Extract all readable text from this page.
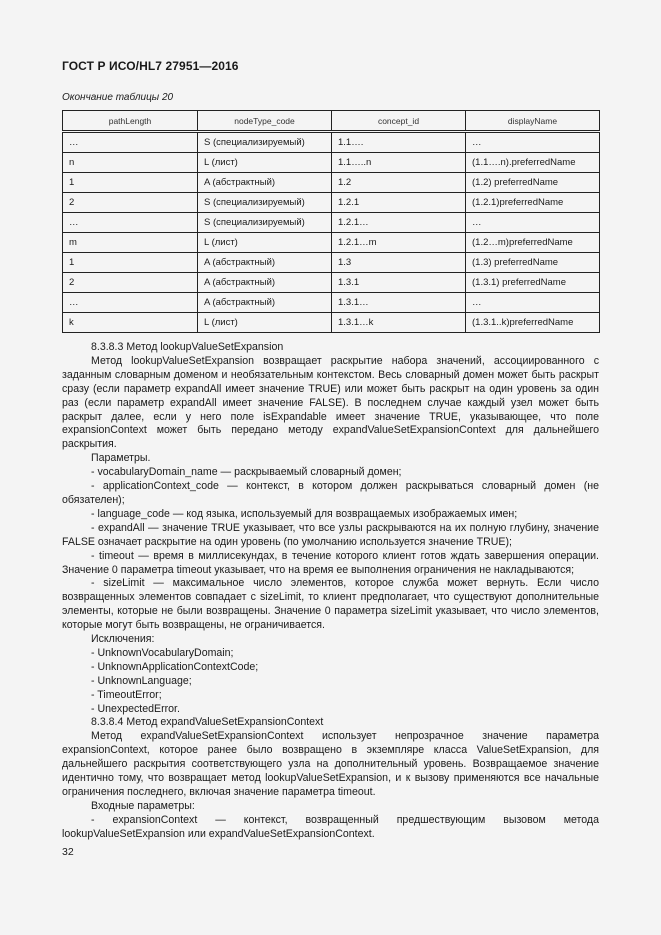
ГОСТ Р ИСО/HL7 27951—2016
Окончание таблицы 20
pathLength	nodeType_code	concept_id	displayName
…	S (специализируемый)	1.1….	…
n	L (лист)	1.1…..n	(1.1….n).preferredName
1	A (абстрактный)	1.2	(1.2) preferredName
2	S (специализируемый)	1.2.1	(1.2.1)preferredName
…	S (специализируемый)	1.2.1…	…
m	L (лист)	1.2.1…m	(1.2…m)preferredName
1	A (абстрактный)	1.3	(1.3) preferredName
2	A (абстрактный)	1.3.1	(1.3.1) preferredName
…	A (абстрактный)	1.3.1…	…
k	L (лист)	1.3.1…k	(1.3.1..k)preferredName

8.3.8.3 Метод lookupValueSetExpansion

Метод lookupValueSetExpansion возвращает раскрытие набора значений, ассоциированного с заданным словарным доменом и необязательным контекстом. Весь словарный домен может быть раскрыт сразу (если параметр expandAll имеет значение TRUE) или может быть раскрыт на один уровень за один раз (если параметр expandAll имеет значение FALSE). В последнем случае каждый узел может быть раскрыт далее, если у него поле isExpandable имеет значение TRUE, указывающее, что поле expansionContext может быть передано методу expandValueSetExpansionContext для дальнейшего раскрытия.

Параметры.

- vocabularyDomain_name — раскрываемый словарный домен;

- applicationContext_code — контекст, в котором должен раскрываться словарный домен (не обязателен);

- language_code — код языка, используемый для возвращаемых изображаемых имен;

- expandAll — значение TRUE указывает, что все узлы раскрываются на их полную глубину, значение FALSE означает раскрытие на один уровень (по умолчанию используется значение TRUE);

- timeout — время в миллисекундах, в течение которого клиент готов ждать завершения операции. Значение 0 параметра timeout указывает, что на время ее выполнения ограничения не накладываются;

- sizeLimit — максимальное число элементов, которое служба может вернуть. Если число возвращенных элементов совпадает с sizeLimit, то клиент предполагает, что существуют дополнительные элементы, которые не были возвращены. Значение 0 параметра sizeLimit указывает, что число элементов, которые могут быть возвращены, не ограничивается.

Исключения:

- UnknownVocabularyDomain;

- UnknownApplicationContextCode;

- UnknownLanguage;

- TimeoutError;

- UnexpectedError.

8.3.8.4 Метод expandValueSetExpansionContext

Метод expandValueSetExpansionContext использует непрозрачное значение параметра expansionContext, которое ранее было возвращено в экземпляре класса ValueSetExpansion, для дальнейшего раскрытия соответствующего узла на дополнительный уровень. Возвращаемое значение идентично тому, что возвращает метод lookupValueSetExpansion, и к вызову применяются все начальные ограничения последнего, включая значение параметра timeout.

Входные параметры:

- expansionContext — контекст, возвращенный предшествующим вызовом метода lookupValueSetExpansion или expandValueSetExpansionContext.

32
